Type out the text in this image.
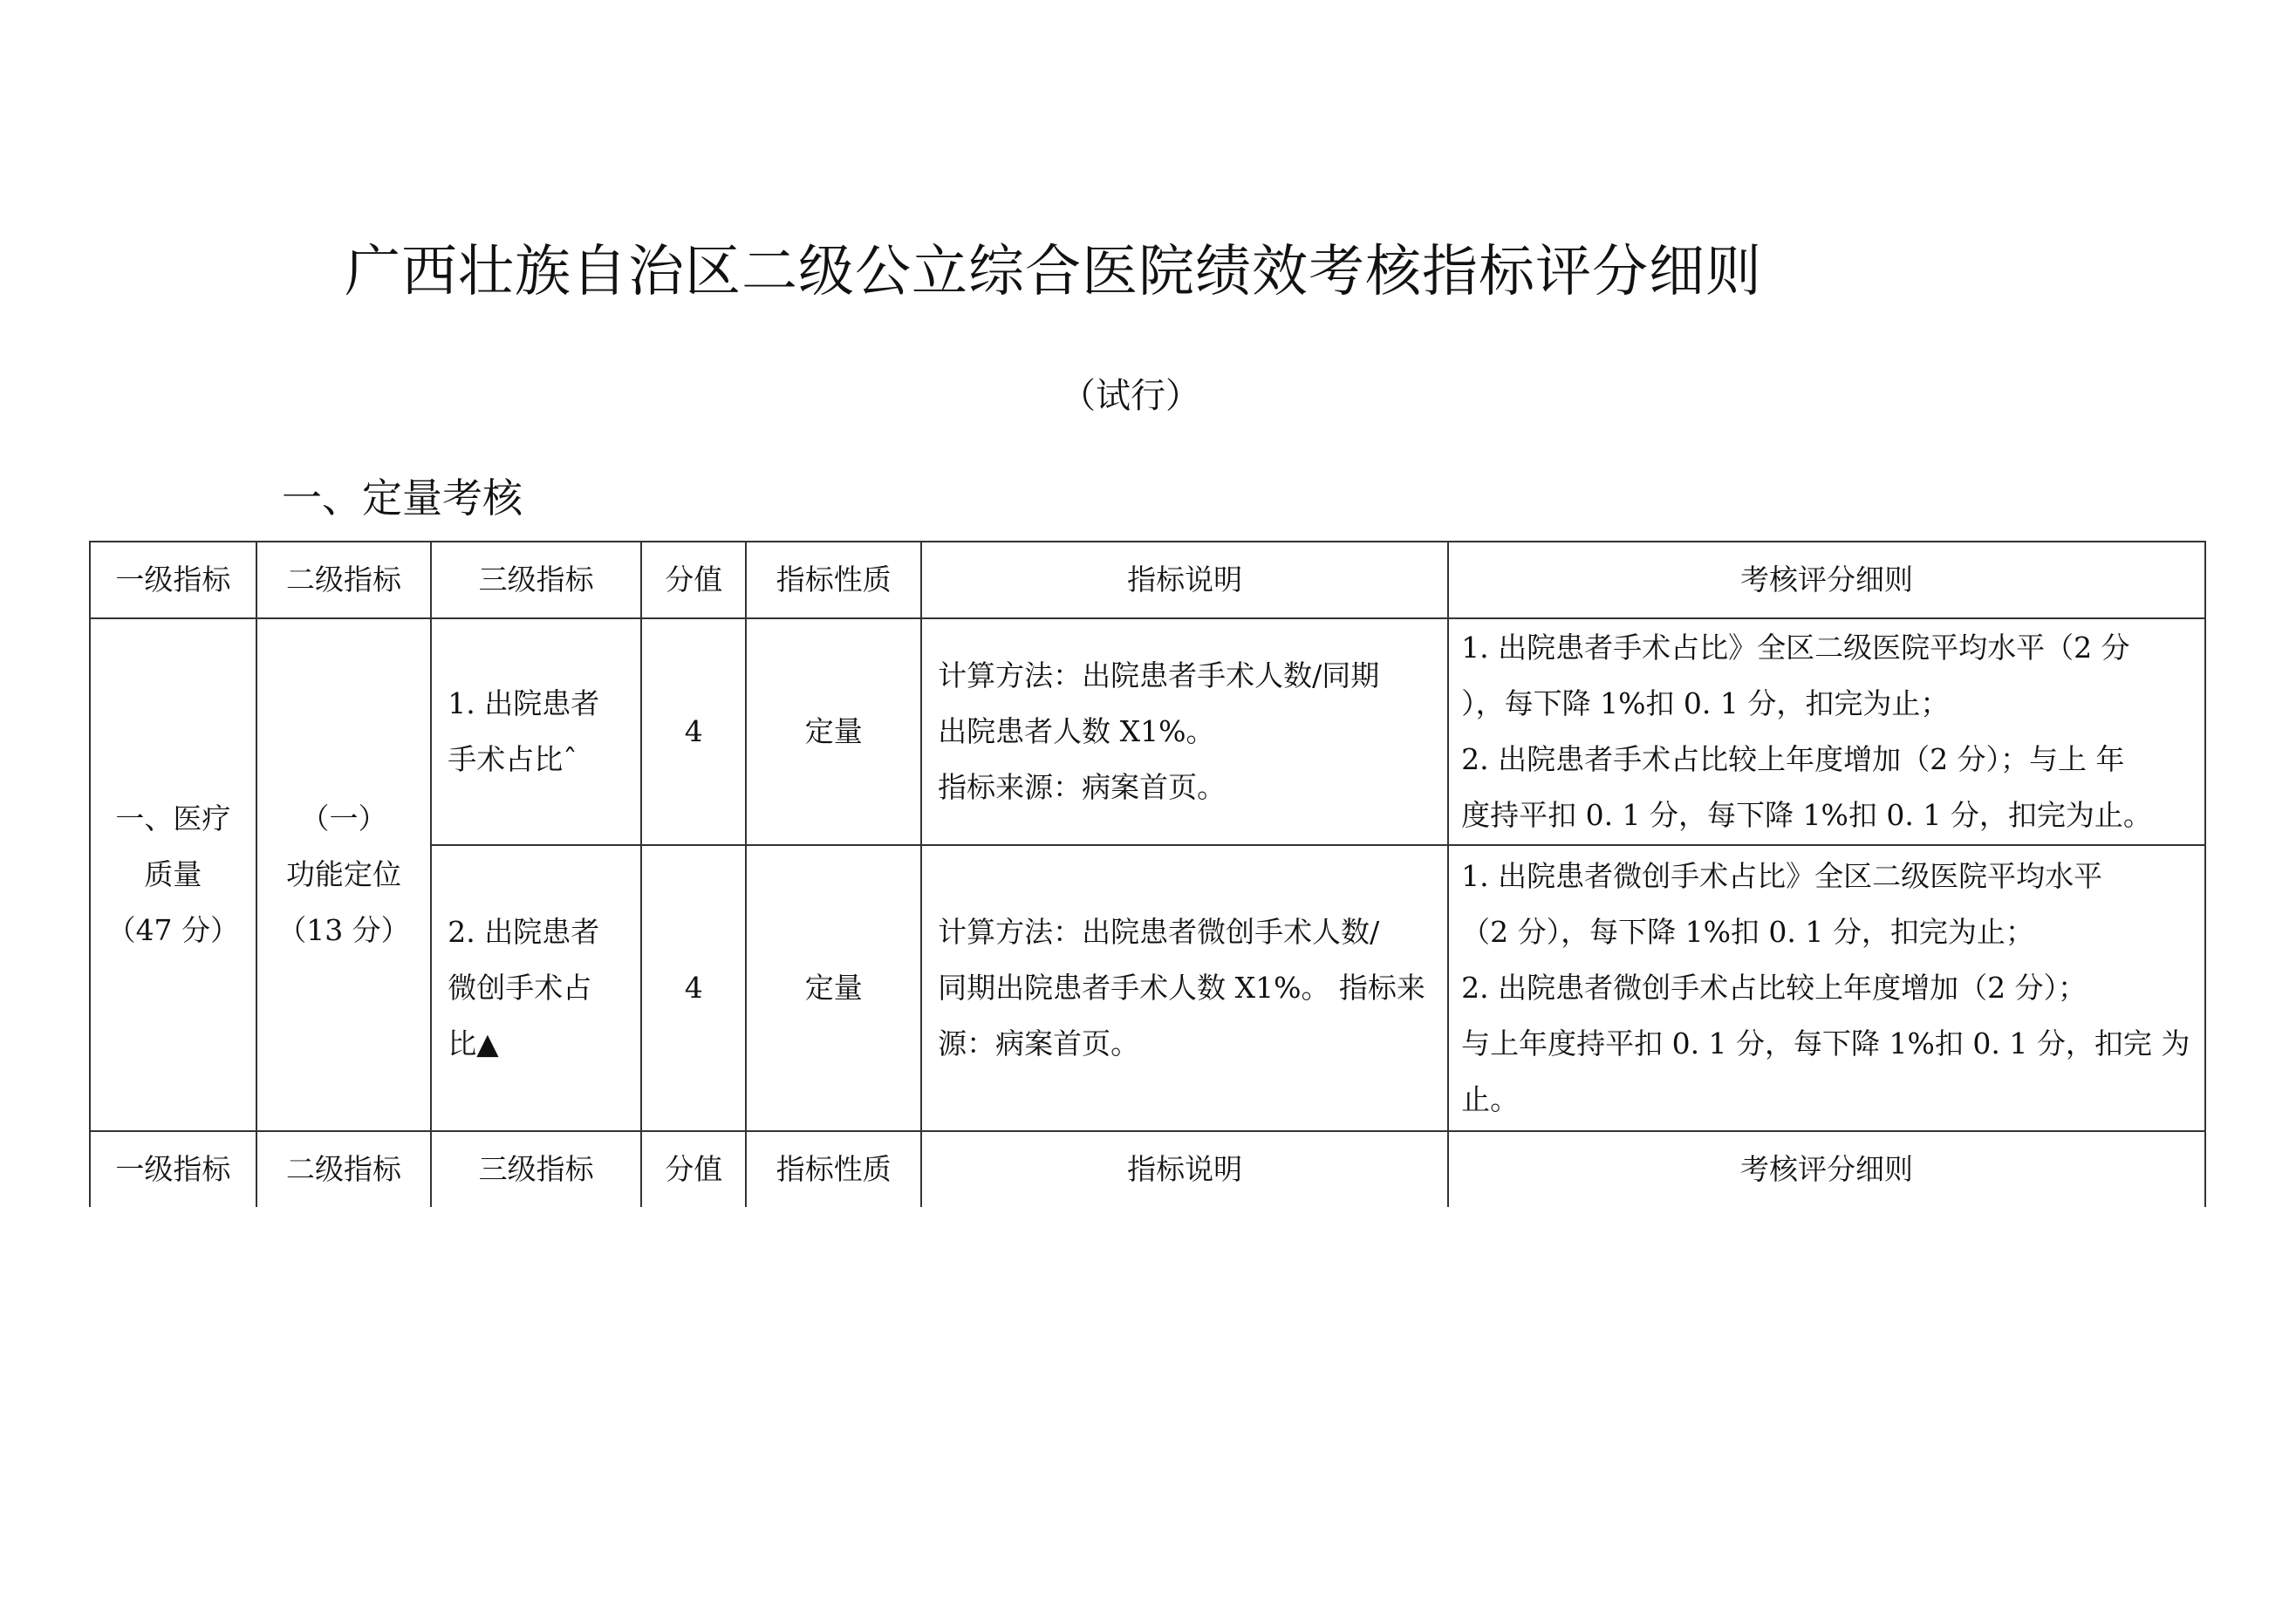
广西壮族自治区二级公立综合医院绩效考核指标评分细则
（试行）
一、定量考核
一级指标	二级指标	三级指标	分值	指标性质	指标说明	考核评分细则

一、医疗
质量
（47 分）	（一）
功能定位
（13 分）	1. 出院患者
手术占比ˆ	4	定量	计算方法：出院患者手术人数/同期
出院患者人数 X1%。
指标来源：病案首页。	1. 出院患者手术占比》全区二级医院平均水平（2 分
），每下降 1%扣 0. 1 分，扣完为止；
2. 出院患者手术占比较上年度增加（2 分）；与上 年
度持平扣 0. 1 分，每下降 1%扣 0. 1 分，扣完为止。

		2. 出院患者
微创手术占
比▲	4	定量	计算方法：出院患者微创手术人数/
同期出院患者手术人数 X1%。 指标来
源：病案首页。	1. 出院患者微创手术占比》全区二级医院平均水平
（2 分），每下降 1%扣 0. 1 分，扣完为止；
2. 出院患者微创手术占比较上年度增加（2 分）；
与上年度持平扣 0. 1 分，每下降 1%扣 0. 1 分，扣完 为
止。

一级指标	二级指标	三级指标	分值	指标性质	指标说明	考核评分细则
